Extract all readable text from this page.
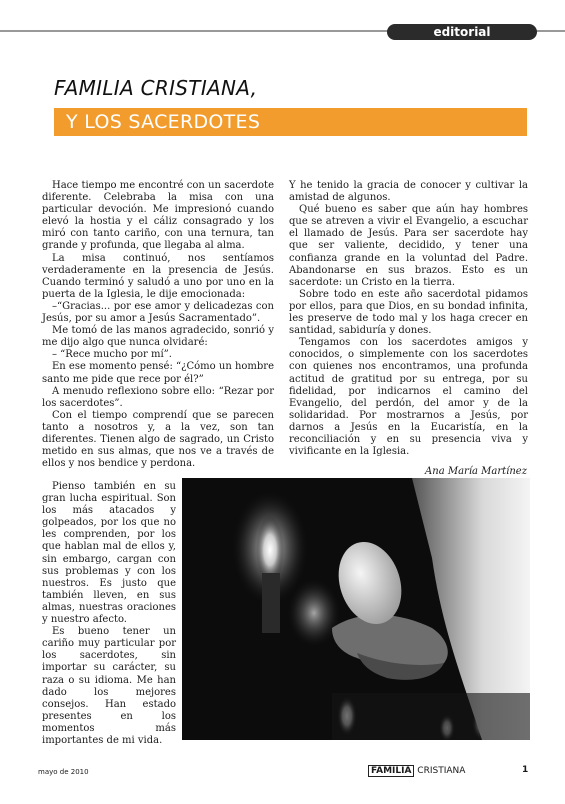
editorial
FAMILIA CRISTIANA,
Y LOS SACERDOTES

Hace tiempo me encontré con un sacerdote diferente. Celebraba la misa con una particular devoción. Me impresionó cuando elevó la hostia y el cáliz consagrado y los miró con tanto cariño, con una ternura, tan grande y profunda, que llegaba al alma.

La misa continuó, nos sentíamos verdaderamente en la presencia de Jesús. Cuando terminó y saludó a uno por uno en la puerta de la Iglesia, le dije emocionada:

–“Gracias... por ese amor y delicadezas con Jesús, por su amor a Jesús Sacramentado”.

Me tomó de las manos agradecido, sonrió y me dijo algo que nunca olvidaré:

– “Rece mucho por mí”.

En ese momento pensé: “¿Cómo un hombre santo me pide que rece por él?”

A menudo reflexiono sobre ello: “Rezar por los sacerdotes”.

Con el tiempo comprendí que se parecen tanto a nosotros y, a la vez, son tan diferentes. Tienen algo de sagrado, un Cristo metido en sus almas, que nos ve a través de ellos y nos bendice y perdona.

Y he tenido la gracia de conocer y cultivar la amistad de algunos.

Qué bueno es saber que aún hay hombres que se atreven a vivir el Evangelio, a escuchar el llamado de Jesús. Para ser sacerdote hay que ser valiente, decidido, y tener una confianza grande en la voluntad del Padre. Abandonarse en sus brazos. Esto es un sacerdote: un Cristo en la tierra.

Sobre todo en este año sacerdotal pidamos por ellos, para que Dios, en su bondad infinita, les preserve de todo mal y los haga crecer en santidad, sabiduría y dones.

Tengamos con los sacerdotes amigos y conocidos, o simplemente con los sacerdotes con quienes nos encontramos, una profunda actitud de gratitud por su entrega, por su fidelidad, por indicarnos el camino del Evangelio, del perdón, del amor y de la solidaridad. Por mostrarnos a Jesús, por darnos a Jesús en la Eucaristía, en la reconciliación y en su presencia viva y vivificante en la Iglesia.

Ana María Martínez

Pienso también en su gran lucha espiritual. Son los más atacados y golpeados, por los que no les comprenden, por los que hablan mal de ellos y, sin embargo, cargan con sus problemas y con los nuestros. Es justo que también lleven, en sus almas, nuestras oraciones y nuestro afecto.

Es bueno tener un cariño muy particular por los sacerdotes, sin importar su carácter, su raza o su idioma. Me han dado los mejores consejos. Han estado presentes en los momentos más importantes de mi vida.

mayo de 2010	FAMILIA CRISTIANA	1
